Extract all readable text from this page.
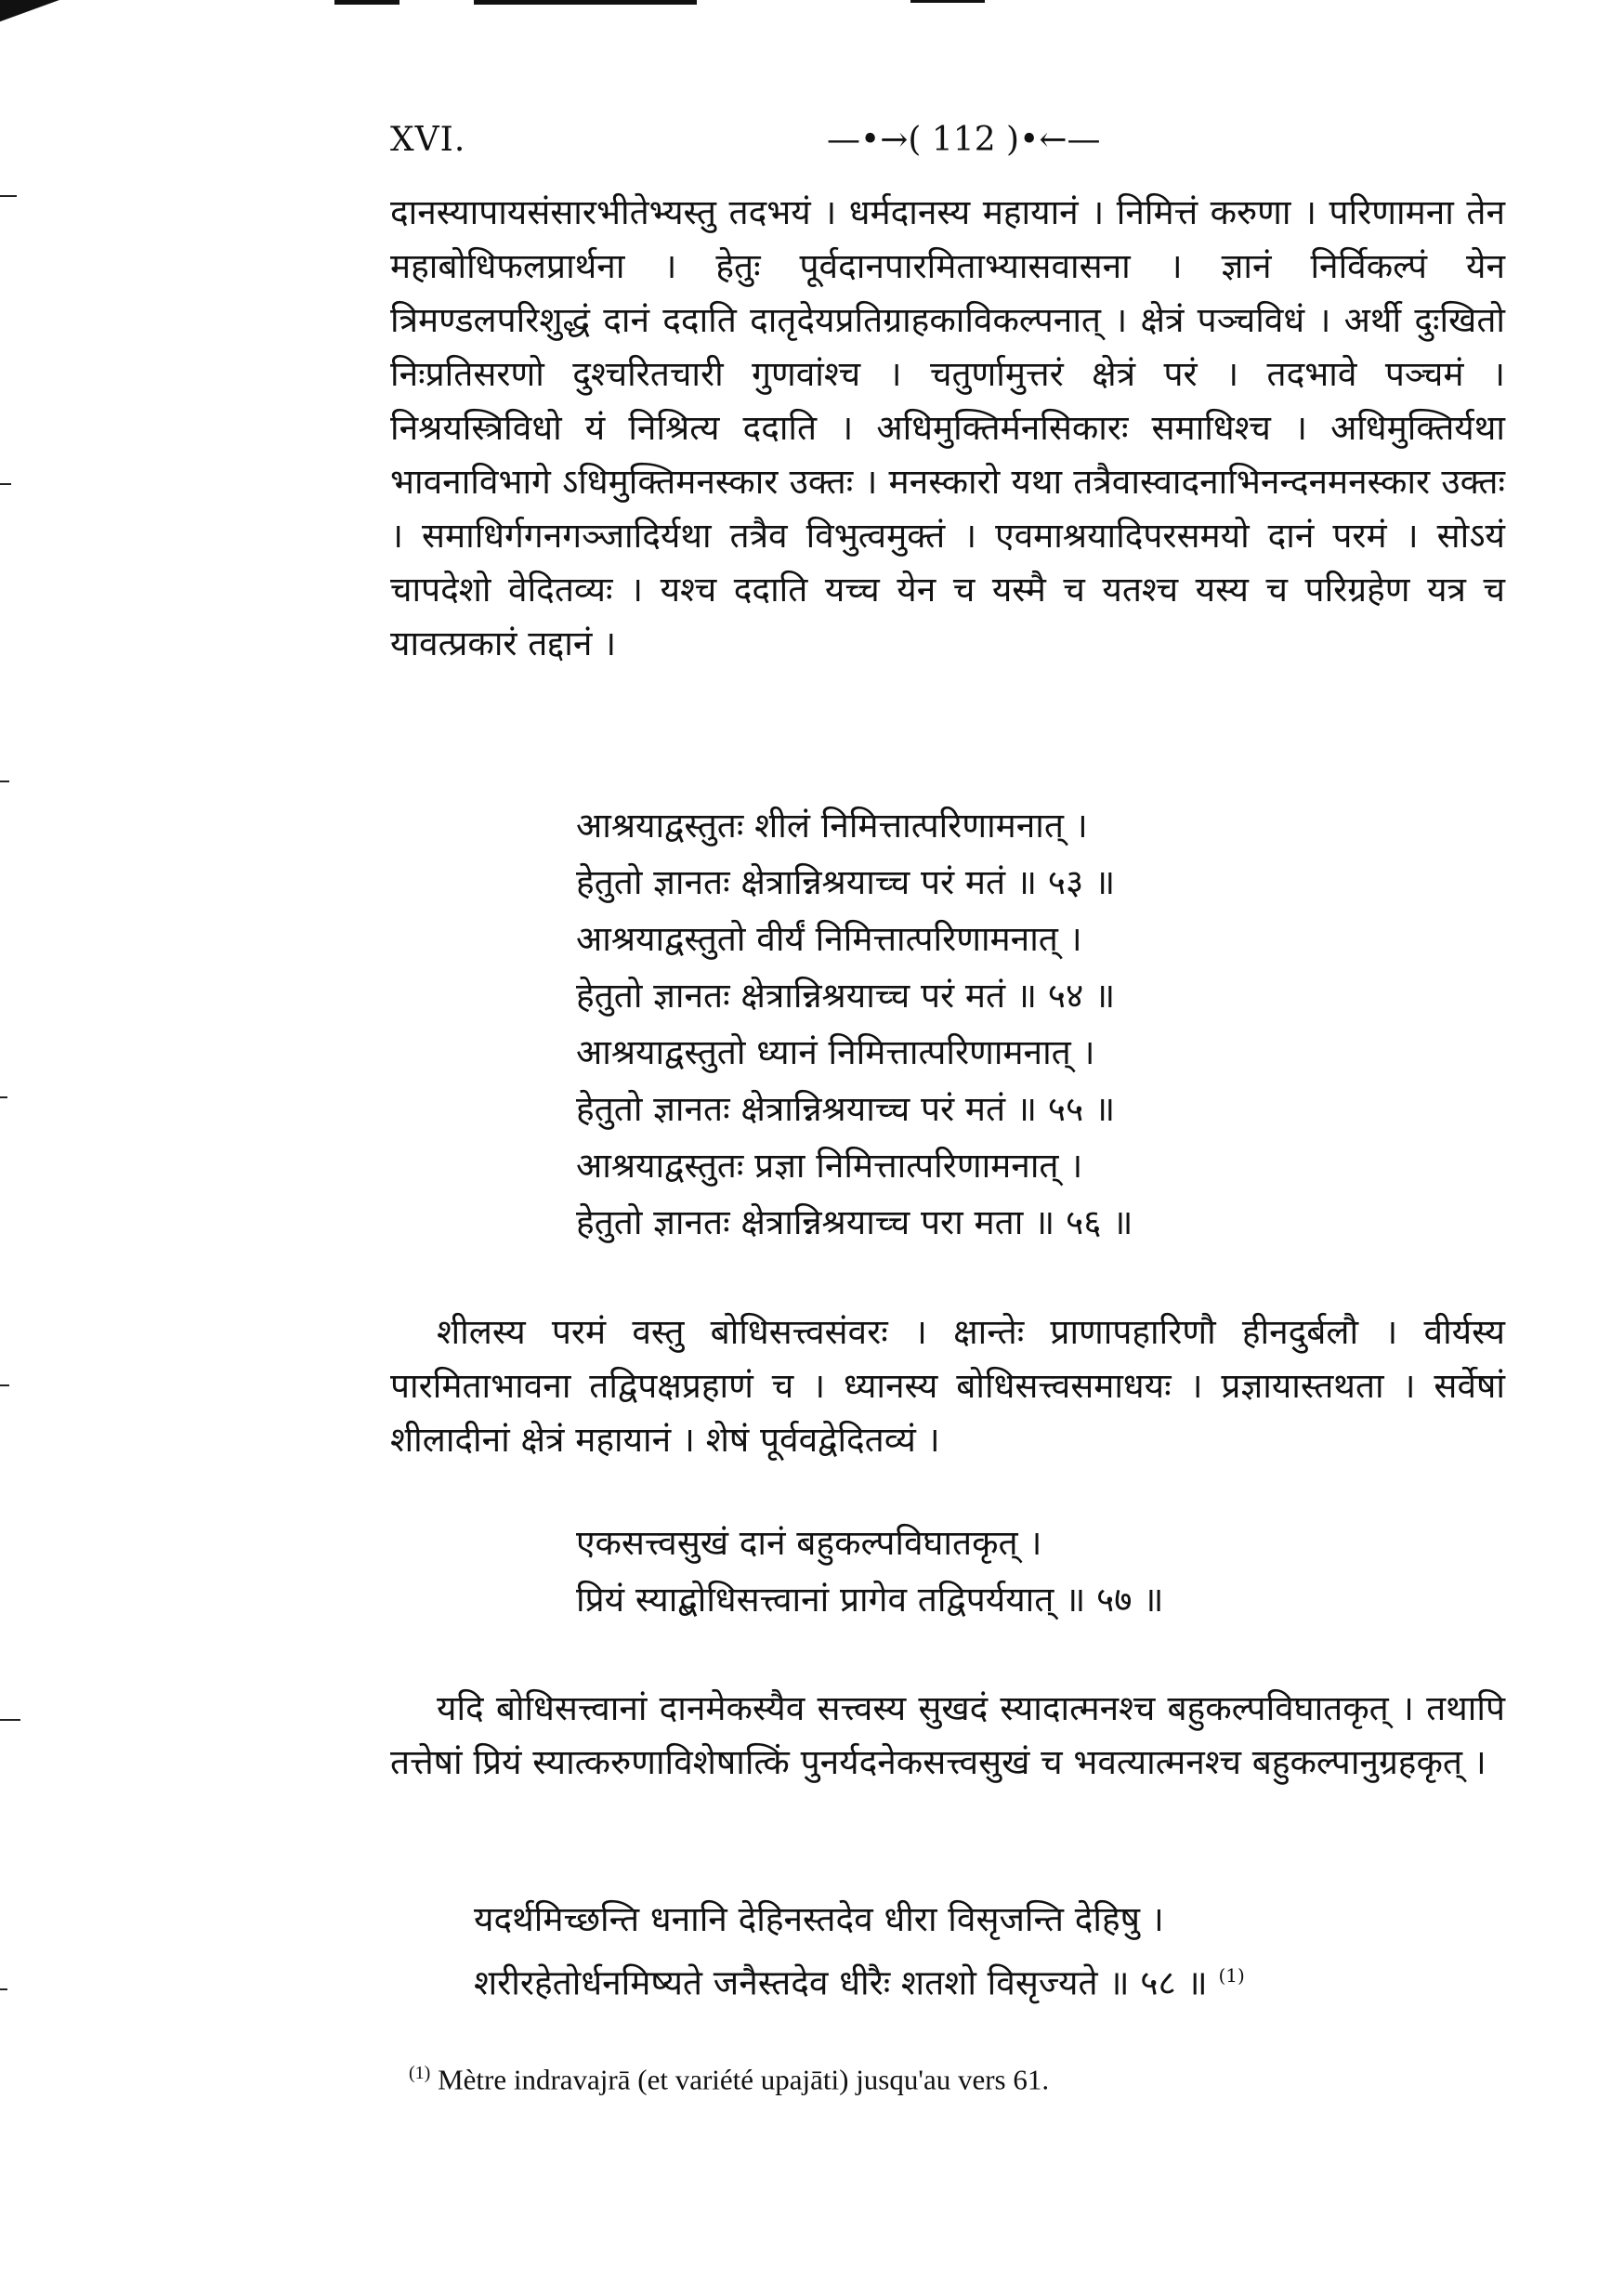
XVI.	—•→( 112 )•←—

दानस्यापायसंसारभीतेभ्यस्तु तदभयं । धर्मदानस्य महायानं । निमित्तं करुणा । परिणामना तेन महाबोधिफलप्रार्थना । हेतुः पूर्वदानपारमिताभ्यासवासना । ज्ञानं निर्विकल्पं येन त्रिमण्डलपरिशुद्धं दानं ददाति दातृदेयप्रतिग्राहकाविकल्पनात् । क्षेत्रं पञ्चविधं । अर्थी दुःखितो निःप्रतिसरणो दुश्चरितचारी गुणवांश्च । चतुर्णामुत्तरं क्षेत्रं परं । तदभावे पञ्चमं । निश्रयस्त्रिविधो यं निश्रित्य ददाति । अधिमुक्तिर्मनसिकारः समाधिश्च । अधिमुक्तिर्यथा भावनाविभागे ऽधिमुक्तिमनस्कार उक्तः । मनस्कारो यथा तत्रैवास्वादनाभिनन्दनमनस्कार उक्तः । समाधिर्गगनगञ्जादिर्यथा तत्रैव विभुत्वमुक्तं । एवमाश्रयादिपरसमयो दानं परमं । सोऽयं चापदेशो वेदितव्यः । यश्च ददाति यच्च येन च यस्मै च यतश्च यस्य च परिग्रहेण यत्र च यावत्प्रकारं तद्दानं ।

आश्रयाद्वस्तुतः शीलं निमित्तात्परिणामनात् ।
हेतुतो ज्ञानतः क्षेत्रान्निश्रयाच्च परं मतं ॥ ५३ ॥
आश्रयाद्वस्तुतो वीर्यं निमित्तात्परिणामनात् ।
हेतुतो ज्ञानतः क्षेत्रान्निश्रयाच्च परं मतं ॥ ५४ ॥
आश्रयाद्वस्तुतो ध्यानं निमित्तात्परिणामनात् ।
हेतुतो ज्ञानतः क्षेत्रान्निश्रयाच्च परं मतं ॥ ५५ ॥
आश्रयाद्वस्तुतः प्रज्ञा निमित्तात्परिणामनात् ।
हेतुतो ज्ञानतः क्षेत्रान्निश्रयाच्च परा मता ॥ ५६ ॥

शीलस्य परमं वस्तु बोधिसत्त्वसंवरः । क्षान्तेः प्राणापहारिणौ हीनदुर्बलौ । वीर्यस्य पारमिताभावना तद्विपक्षप्रहाणं च । ध्यानस्य बोधिसत्त्वसमाधयः । प्रज्ञायास्तथता । सर्वेषां शीलादीनां क्षेत्रं महायानं । शेषं पूर्ववद्वेदितव्यं ।

एकसत्त्वसुखं दानं बहुकल्पविघातकृत् ।
प्रियं स्याद्बोधिसत्त्वानां प्रागेव तद्विपर्ययात् ॥ ५७ ॥

यदि बोधिसत्त्वानां दानमेकस्यैव सत्त्वस्य सुखदं स्यादात्मनश्च बहुकल्पविघातकृत् । तथापि तत्तेषां प्रियं स्यात्करुणाविशेषात्किं पुनर्यदनेकसत्त्वसुखं च भवत्यात्मनश्च बहुकल्पानुग्रहकृत् ।

यदर्थमिच्छन्ति धनानि देहिनस्तदेव धीरा विसृजन्ति देहिषु ।
शरीरहेतोर्धनमिष्यते जनैस्तदेव धीरैः शतशो विसृज्यते ॥ ५८ ॥ $^{(1)}$
$^{(1)}$ Mètre indravajrā (et variété upajāti) jusqu'au vers 61.
